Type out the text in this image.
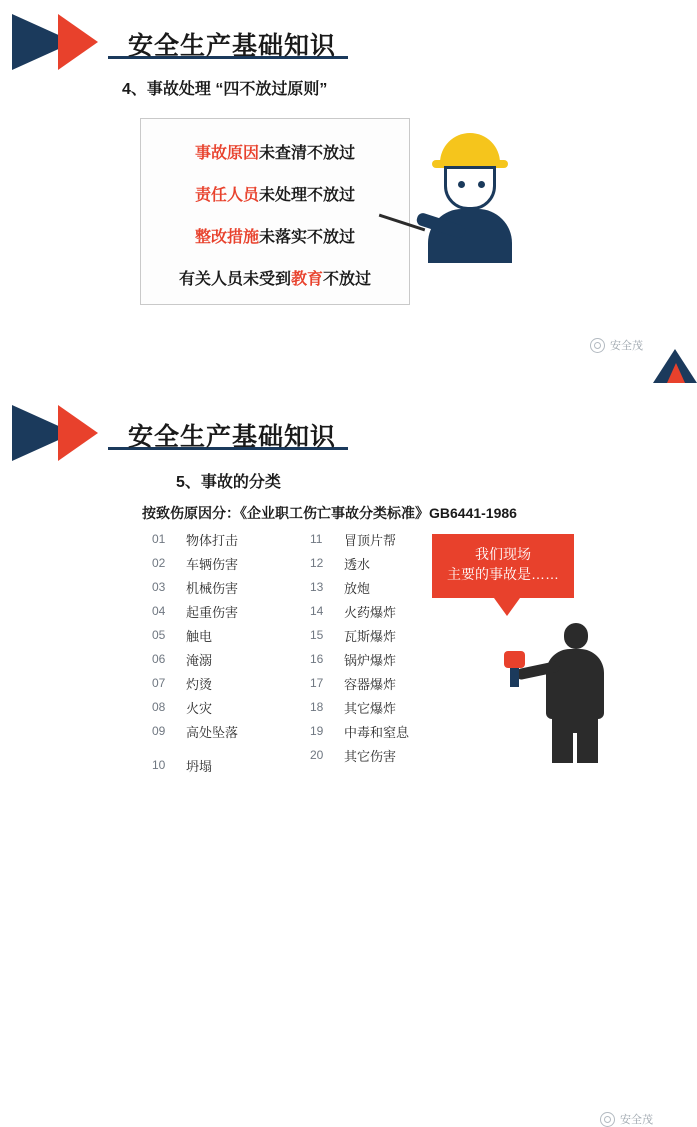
安全生产基础知识
4、事故处理 “四不放过原则”
事故原因未查清不放过
责任人员未处理不放过
整改措施未落实不放过
有关人员未受到教育不放过
安全茂
安全生产基础知识
5、事故的分类
按致伤原因分：《企业职工伤亡事故分类标准》GB6441-1986
01	物体打击
02	车辆伤害
03	机械伤害
04	起重伤害
05	触电
06	淹溺
07	灼烫
08	火灾
09	高处坠落
10	坍塌
11	冒顶片帮
12	透水
13	放炮
14	火药爆炸
15	瓦斯爆炸
16	锅炉爆炸
17	容器爆炸
18	其它爆炸
19	中毒和窒息
20	其它伤害
我们现场
主要的事故是……
安全茂
